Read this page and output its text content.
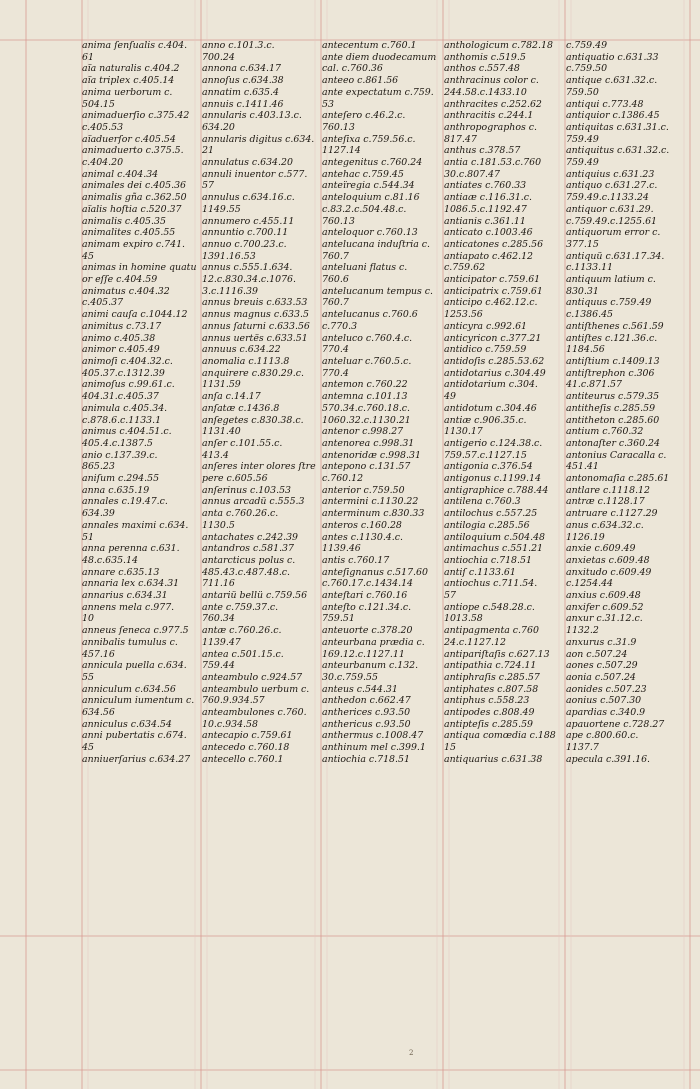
anima ſenſualis c.404.
61
aïa naturalis c.404.2
aïa triplex c.405.14
anima uerborum c.
504.15
animaduerſio c.375.42
c.405.53
aïaduerſor c.405.54
animaduerto c.375.5.
c.404.20
animal c.404.34
animales dei c.405.36
animalis gña c.362.50
aïalis hoſtia c.520.37
animalis c.405.35
animalites c.405.55
animam expiro c.741.
45
animas in homine quatu
or eſſe c.404.59
animatus c.404.32
c.405.37
animi cauſa c.1044.12
animitus c.73.17
animo c.405.38
animor c.405.49
animoſi c.404.32.c.
405.37.c.1312.39
animoſus c.99.61.c.
404.31.c.405.37
animula c.405.34.
c.878.6.c.1133.1
animus c.404.51.c.
405.4.c.1387.5
anio c.137.39.c.
865.23
aniſum c.294.55
anna c.635.19
annales c.19.47.c.
634.39
annales maximi c.634.
51
anna perenna c.631.
48.c.635.14
annare c.635.13
annaria lex c.634.31
annarius c.634.31
annens mela c.977.
10
anneus ſeneca c.977.5
annibalis tumulus c.
457.16
annicula puella c.634.
55
anniculum c.634.56
anniculum iumentum c.
634.56
anniculus c.634.54
anni pubertatis c.674.
45
anniuerſarius c.634.27
anno c.101.3.c.
700.24
annona c.634.17
annoſus c.634.38
annatim c.635.4
annuis c.1411.46
annularis c.403.13.c.
634.20
annularis digitus c.634.
21
annulatus c.634.20
annuli inuentor c.577.
57
annulus c.634.16.c.
1149.55
annumero c.455.11
annuntio c.700.11
annuo c.700.23.c.
1391.16.53
annus c.555.1.634.
12.c.830.34.c.1076.
3.c.1116.39
annus breuis c.633.53
annus magnus c.633.5
annus ſaturni c.633.56
annus uertës c.633.51
annuus c.634.22
anomalia c.1113.8
anquirere c.830.29.c.
1131.59
anſa c.14.17
anſatæ c.1436.8
anſegetes c.830.38.c.
1131.40
anſer c.101.55.c.
413.4
anſeres inter olores ſtre
pere c.605.56
anſerinus c.103.53
annus arcadü c.555.3
anta c.760.26.c.
1130.5
antachates c.242.39
antandros c.581.37
antarcticus polus c.
485.43.c.487.48.c.
711.16
antariü bellü c.759.56
ante c.759.37.c.
760.34
antæ c.760.26.c.
1139.47
antea c.501.15.c.
759.44
anteambulo c.924.57
anteambulo uerbum c.
760.9.934.57
anteambulones c.760.
10.c.934.58
antecapio c.759.61
antecedo c.760.18
antecello c.760.1
antecentum c.760.1
ante diem duodecamum
cal. c.760.36
anteeo c.861.56
ante expectatum c.759.
53
anteſero c.46.2.c.
760.13
anteſixa c.759.56.c.
1127.14
antegenitus c.760.24
antehac c.759.45
anteïregia c.544.34
anteloquium c.81.16
c.83.2.c.504.48.c.
760.13
anteloquor c.760.13
antelucana induſtria c.
760.7
anteluani flatus c.
760.6
antelucanum tempus c.
760.7
antelucanus c.760.6
c.770.3
anteluco c.760.4.c.
770.4
anteluar c.760.5.c.
770.4
antemon c.760.22
antemna c.101.13
570.34.c.760.18.c.
1060.32.c.1130.21
antenor c.998.27
antenorea c.998.31
antenoridæ c.998.31
antepono c.131.57
c.760.12
anterior c.759.50
antermini c.1130.22
anterminum c.830.33
anteros c.160.28
antes c.1130.4.c.
1139.46
antis c.760.17
anteſignanus c.517.60
c.760.17.c.1434.14
anteſtari c.760.16
anteſto c.121.34.c.
759.51
anteuorte c.378.20
anteurbana prædia c.
169.12.c.1127.11
anteurbanum c.132.
30.c.759.55
anteus c.544.31
anthedon c.662.47
antherices c.93.50
anthericus c.93.50
anthermus c.1008.47
anthinum mel c.399.1
antiochia c.718.51
anthologicum c.782.18
anthomis c.519.5
anthos c.557.48
anthracinus color c.
244.58.c.1433.10
anthracites c.252.62
anthracitis c.244.1
anthropographos c.
817.47
anthus c.378.57
antia c.181.53.c.760
30.c.807.47
antiates c.760.33
antiaæ c.116.31.c.
1086.5.c.1192.47
antianis c.361.11
anticato c.1003.46
anticatones c.285.56
antiapato c.462.12
c.759.62
anticipator c.759.61
anticipatrix c.759.61
anticipo c.462.12.c.
1253.56
anticyra c.992.61
anticyricon c.377.21
antidico c.759.59
antidoſis c.285.53.62
antidotarius c.304.49
antidotarium c.304.
49
antidotum c.304.46
antiæ c.906.35.c.
1130.17
antigerio c.124.38.c.
759.57.c.1127.15
antigonia c.376.54
antigonus c.1199.14
antigraphice c.788.44
antilena c.760.3
antilochus c.557.25
antilogia c.285.56
antiloquium c.504.48
antimachus c.551.21
antiochia c.718.51
antiſ c.1133.61
antiochus c.711.54.
57
antiope c.548.28.c.
1013.58
antipagmenta c.760
24.c.1127.12
antipariſtaſis c.627.13
antipathia c.724.11
antiphraſis c.285.57
antiphates c.807.58
antiphus c.558.23
antipodes c.808.49
antipteſis c.285.59
antiqua comœdia c.188
15
antiquarius c.631.38
c.759.49
antiquatio c.631.33
c.759.50
antique c.631.32.c.
759.50
antiqui c.773.48
antiquior c.1386.45
antiquitas c.631.31.c.
759.49
antiquitus c.631.32.c.
759.49
antiquius c.631.23
antiquo c.631.27.c.
759.49.c.1133.24
antiquor c.631.29.
c.759.49.c.1255.61
antiquorum error c.
377.15
antiquü c.631.17.34.
c.1133.11
antiquum latium c.
830.31
antiquus c.759.49
c.1386.45
antiſthenes c.561.59
antiſtes c.121.36.c.
1184.56
antiſtium c.1409.13
antiſtrephon c.306
41.c.871.57
antiteurus c.579.35
antitheſis c.285.59
antitheton c.285.60
antium c.760.32
antonaſter c.360.24
antonius Caracalla c.
451.41
antonomaſia c.285.61
antlare c.1118.12
antræ c.1128.17
antruare c.1127.29
anus c.634.32.c.
1126.19
anxie c.609.49
anxietas c.609.48
anxitudo c.609.49
c.1254.44
anxius c.609.48
anxifer c.609.52
anxur c.31.12.c.
1132.2
anxurus c.31.9
aon c.507.24
aones c.507.29
aonia c.507.24
aonides c.507.23
aonius c.507.30
apardias c.340.9
apauortene c.728.27
ape c.800.60.c.
1137.7
apecula c.391.16.
2
